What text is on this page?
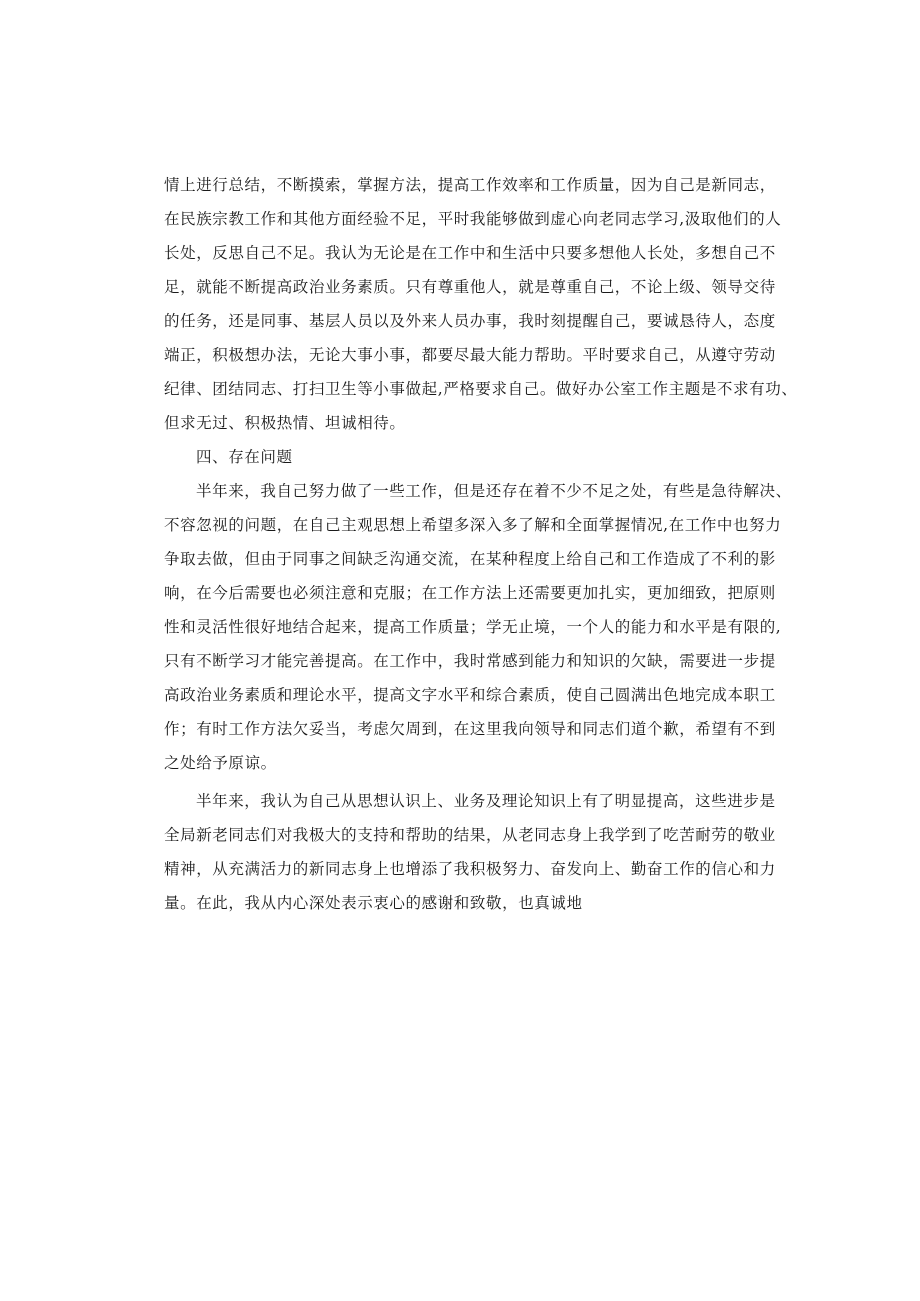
情上进行总结，不断摸索，掌握方法，提高工作效率和工作质量，因为自己是新同志，
在民族宗教工作和其他方面经验不足，平时我能够做到虚心向老同志学习,汲取他们的人
长处，反思自己不足。我认为无论是在工作中和生活中只要多想他人长处，多想自己不
足，就能不断提高政治业务素质。只有尊重他人，就是尊重自己，不论上级、领导交待
的任务，还是同事、基层人员以及外来人员办事，我时刻提醒自己，要诚恳待人，态度
端正，积极想办法，无论大事小事，都要尽最大能力帮助。平时要求自己，从遵守劳动
纪律、团结同志、打扫卫生等小事做起,严格要求自己。做好办公室工作主题是不求有功、
但求无过、积极热情、坦诚相待。
四、存在问题
半年来，我自己努力做了一些工作，但是还存在着不少不足之处，有些是急待解决、
不容忽视的问题，在自己主观思想上希望多深入多了解和全面掌握情况,在工作中也努力
争取去做，但由于同事之间缺乏沟通交流，在某种程度上给自己和工作造成了不利的影
响，在今后需要也必须注意和克服；在工作方法上还需要更加扎实，更加细致，把原则
性和灵活性很好地结合起来，提高工作质量；学无止境，一个人的能力和水平是有限的,
只有不断学习才能完善提高。在工作中，我时常感到能力和知识的欠缺，需要进一步提
高政治业务素质和理论水平，提高文字水平和综合素质，使自己圆满出色地完成本职工
作；有时工作方法欠妥当，考虑欠周到，在这里我向领导和同志们道个歉，希望有不到
之处给予原谅。
半年来，我认为自己从思想认识上、业务及理论知识上有了明显提高，这些进步是
全局新老同志们对我极大的支持和帮助的结果，从老同志身上我学到了吃苦耐劳的敬业
精神，从充满活力的新同志身上也增添了我积极努力、奋发向上、勤奋工作的信心和力
量。在此，我从内心深处表示衷心的感谢和致敬，也真诚地
